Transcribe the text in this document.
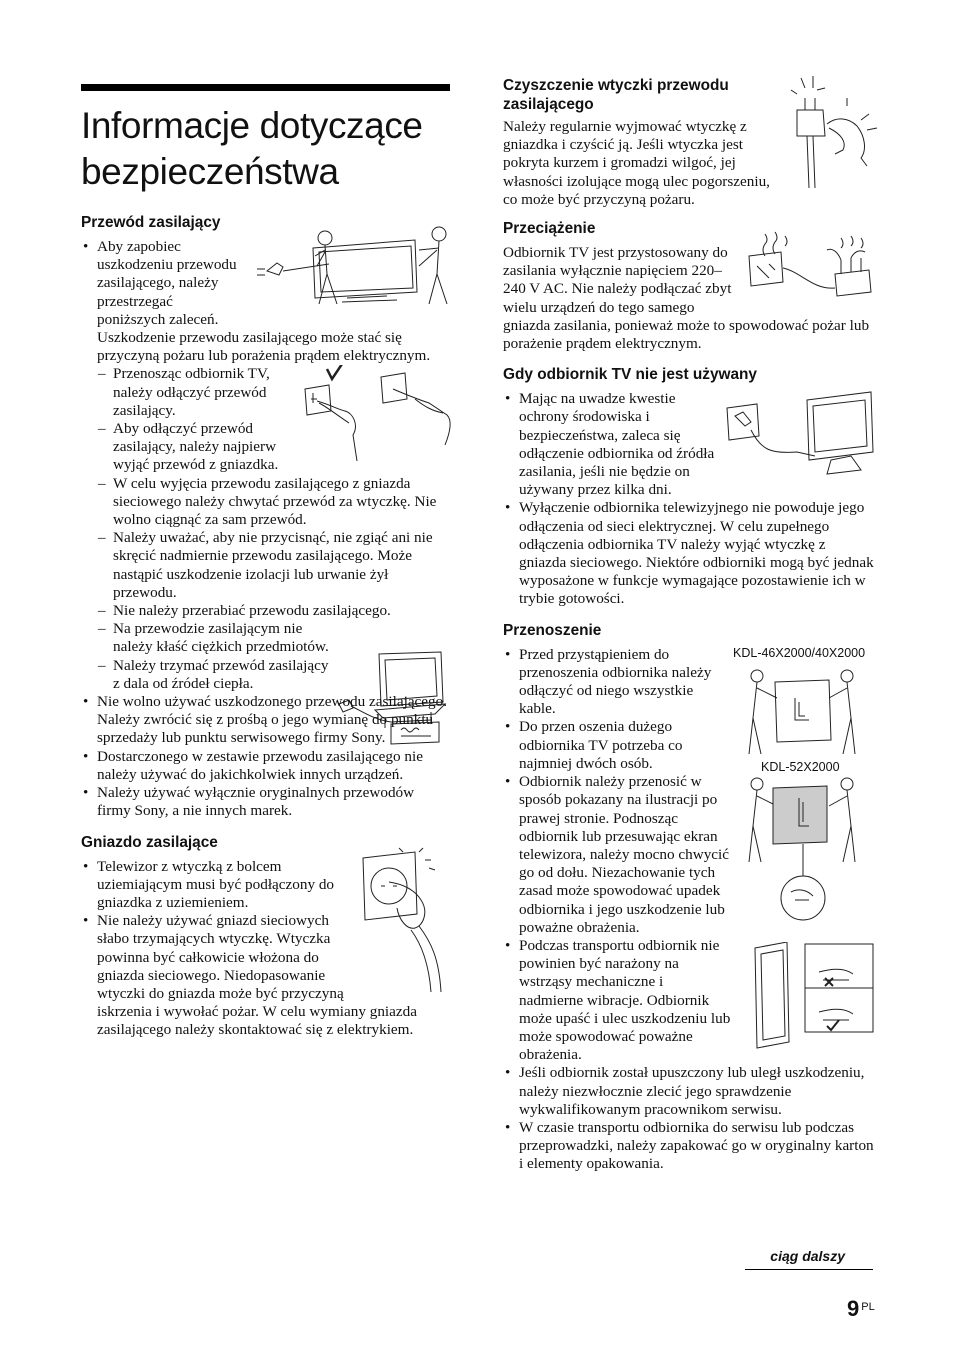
Informacje dotyczące bezpieczeństwa
Przewód zasilający
• Aby zapobiec uszkodzeniu przewodu zasilającego, należy przestrzegać poniższych zaleceń.

Uszkodzenie przewodu zasilającego może stać się przyczyną pożaru lub porażenia prądem elektrycznym.

– Przenosząc odbiornik TV, należy odłączyć przewód zasilający.
– Aby odłączyć przewód zasilający, należy najpierw wyjąć przewód z gniazdka.
– W celu wyjęcia przewodu zasilającego z gniazda sieciowego należy chwytać przewód za wtyczkę. Nie wolno ciągnąć za sam przewód.
– Należy uważać, aby nie przycisnąć, nie zgiąć ani nie skręcić nadmiernie przewodu zasilającego. Może nastąpić uszkodzenie izolacji lub urwanie żył przewodu.
– Nie należy przerabiać przewodu zasilającego.
– Na przewodzie zasilającym nie należy kłaść ciężkich przedmiotów.
– Należy trzymać przewód zasilający z dala od źródeł ciepła.
• Nie wolno używać uszkodzonego przewodu zasilającego. Należy zwrócić się z prośbą o jego wymianę do punktu sprzedaży lub punktu serwisowego firmy Sony.
• Dostarczonego w zestawie przewodu zasilającego nie należy używać do jakichkolwiek innych urządzeń.
• Należy używać wyłącznie oryginalnych przewodów firmy Sony, a nie innych marek.
Gniazdo zasilające
• Telewizor z wtyczką z bolcem uziemiającym musi być podłączony do gniazdka z uziemieniem.
• Nie należy używać gniazd sieciowych słabo trzymających wtyczkę. Wtyczka powinna być całkowicie włożona do gniazda sieciowego. Niedopasowanie wtyczki do gniazda może być przyczyną iskrzenia i wywołać pożar. W celu wymiany gniazda zasilającego należy skontaktować się z elektrykiem.
Czyszczenie wtyczki przewodu zasilającego

Należy regularnie wyjmować wtyczkę z gniazdka i czyścić ją. Jeśli wtyczka jest pokryta kurzem i gromadzi wilgoć, jej własności izolujące mogą ulec pogorszeniu, co może być przyczyną pożaru.

Przeciążenie

Odbiornik TV jest przystosowany do zasilania wyłącznie napięciem 220–240 V AC. Nie należy podłączać zbyt wielu urządzeń do tego samego gniazda zasilania, ponieważ może to spowodować pożar lub porażenie prądem elektrycznym.

Gdy odbiornik TV nie jest używany
• Mając na uwadze kwestie ochrony środowiska i bezpieczeństwa, zaleca się odłączenie odbiornika od źródła zasilania, jeśli nie będzie on używany przez kilka dni.
• Wyłączenie odbiornika telewizyjnego nie powoduje jego odłączenia od sieci elektrycznej. W celu zupełnego odłączenia odbiornika TV należy wyjąć wtyczkę z gniazda sieciowego. Niektóre odbiorniki mogą być jednak wyposażone w funkcje wymagające pozostawienie ich w trybie gotowości.
Przenoszenie
KDL-46X2000/40X2000
KDL-52X2000
• Przed przystąpieniem do przenoszenia odbiornika należy odłączyć od niego wszystkie kable.
• Do przen oszenia dużego odbiornika TV potrzeba co najmniej dwóch osób.
• Odbiornik należy przenosić w sposób pokazany na ilustracji po prawej stronie. Podnosząc odbiornik lub przesuwając ekran telewizora, należy mocno chwycić go od dołu. Niezachowanie tych zasad może spowodować upadek odbiornika i jego uszkodzenie lub poważne obrażenia.
• Podczas transportu odbiornik nie powinien być narażony na wstrząsy mechaniczne i nadmierne wibracje. Odbiornik może upaść i ulec uszkodzeniu lub może spowodować poważne obrażenia.
• Jeśli odbiornik został upuszczony lub uległ uszkodzeniu, należy niezwłocznie zlecić jego sprawdzenie wykwalifikowanym pracownikom serwisu.
• W czasie transportu odbiornika do serwisu lub podczas przeprowadzki, należy zapakować go w oryginalny karton i elementy opakowania.
ciąg dalszy
9 $^{PL}$
